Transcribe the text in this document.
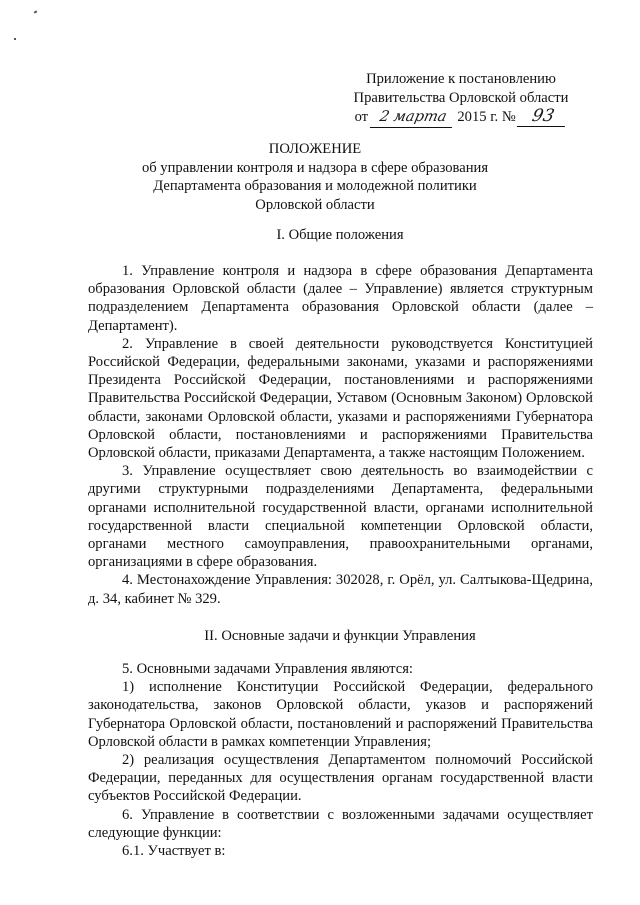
Приложение к постановлению
Правительства Орловской области
от 2 марта 2015 г. № 93
ПОЛОЖЕНИЕ
об управлении контроля и надзора в сфере образования
Департамента образования и молодежной политики
Орловской области
I. Общие положения

1. Управление контроля и надзора в сфере образования Департамента образования Орловской области (далее – Управление) является структурным подразделением Департамента образования Орловской области (далее – Департамент).

2. Управление в своей деятельности руководствуется Конституцией Российской Федерации, федеральными законами, указами и распоряжениями Президента Российской Федерации, постановлениями и распоряжениями Правительства Российской Федерации, Уставом (Основным Законом) Орловской области, законами Орловской области, указами и распоряжениями Губернатора Орловской области, постановлениями и распоряжениями Правительства Орловской области, приказами Департамента, а также настоящим Положением.

3. Управление осуществляет свою деятельность во взаимодействии с другими структурными подразделениями Департамента, федеральными органами исполнительной государственной власти, органами исполнительной государственной власти специальной компетенции Орловской области, органами местного самоуправления, правоохранительными органами, организациями в сфере образования.

4. Местонахождение Управления: 302028, г. Орёл, ул. Салтыкова-Щедрина, д. 34, кабинет № 329.

II. Основные задачи и функции Управления

5. Основными задачами Управления являются:

1) исполнение Конституции Российской Федерации, федерального законодательства, законов Орловской области, указов и распоряжений Губернатора Орловской области, постановлений и распоряжений Правительства Орловской области в рамках компетенции Управления;

2) реализация осуществления Департаментом полномочий Российской Федерации, переданных для осуществления органам государственной власти субъектов Российской Федерации.

6. Управление в соответствии с возложенными задачами осуществляет следующие функции:

6.1. Участвует в:
